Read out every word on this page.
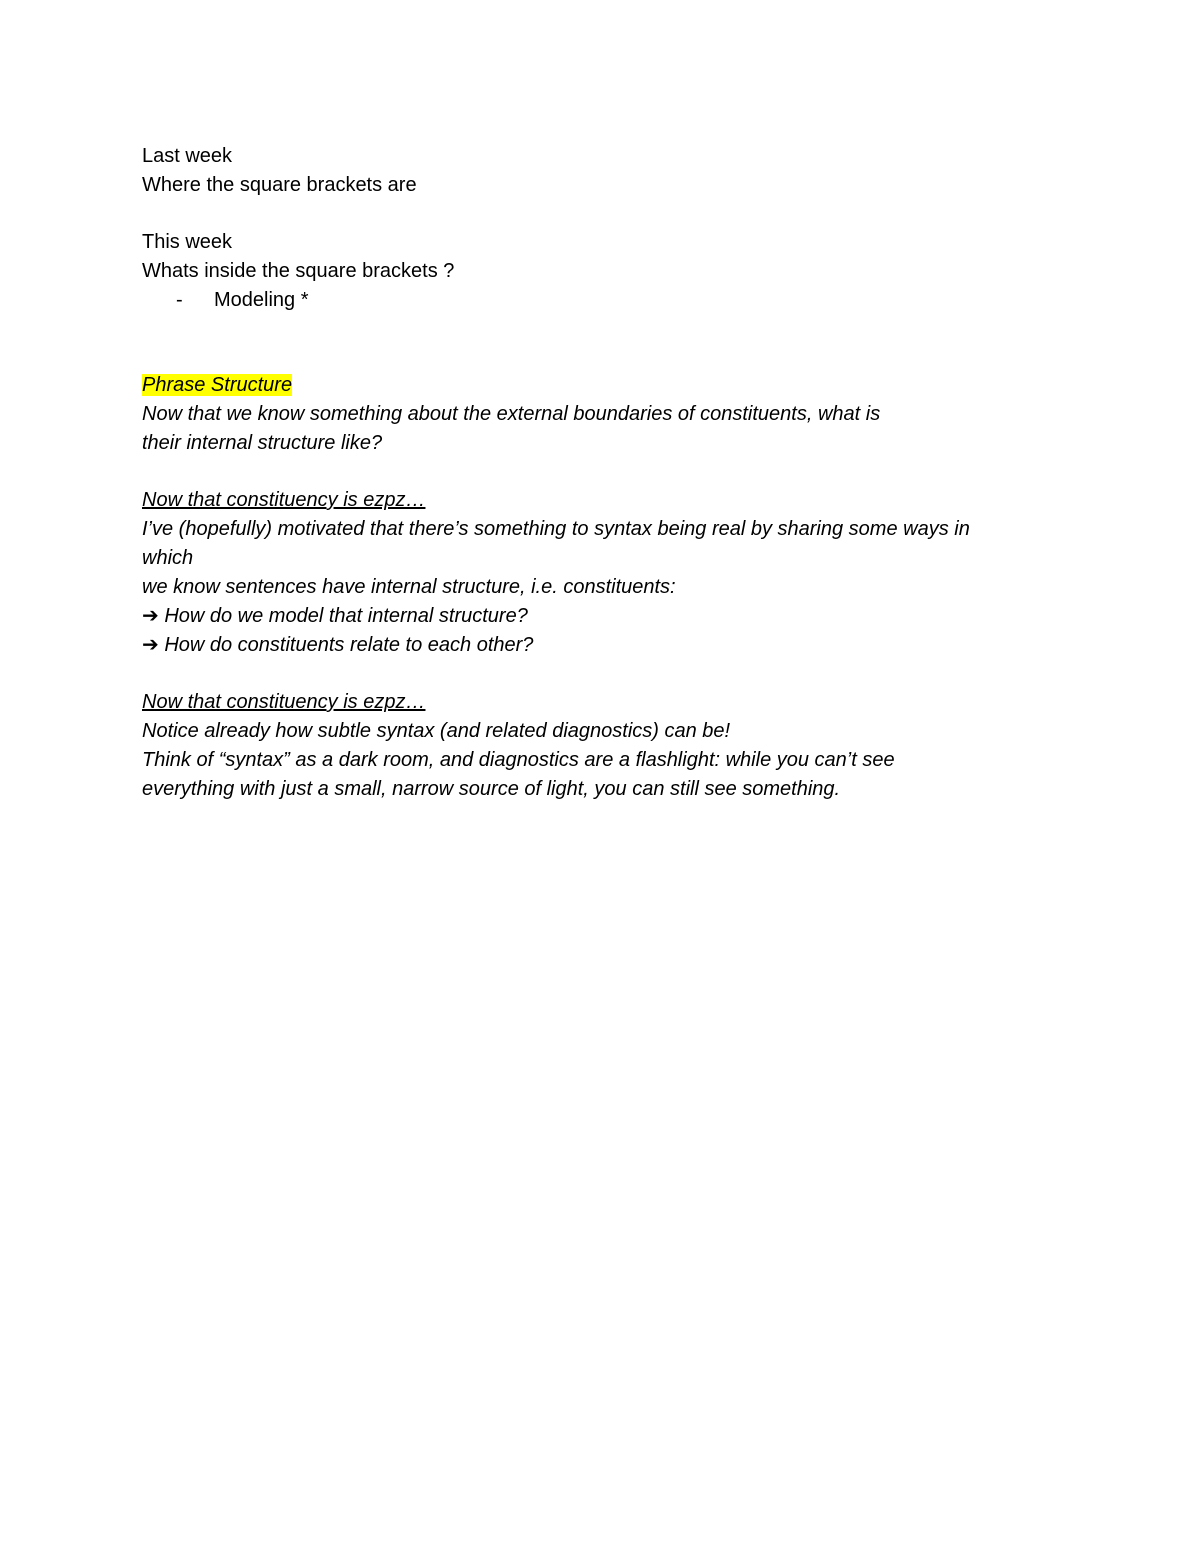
Last week
Where the square brackets are
This week
Whats inside the square brackets ?
- Modeling *
Phrase Structure
Now that we know something about the external boundaries of constituents, what is
their internal structure like?
Now that constituency is ezpz…
I’ve (hopefully) motivated that there’s something to syntax being real by sharing some ways in
which
we know sentences have internal structure, i.e. constituents:
➔ How do we model that internal structure?
➔ How do constituents relate to each other?
Now that constituency is ezpz…
Notice already how subtle syntax (and related diagnostics) can be!
Think of “syntax” as a dark room, and diagnostics are a flashlight: while you can’t see
everything with just a small, narrow source of light, you can still see something.
